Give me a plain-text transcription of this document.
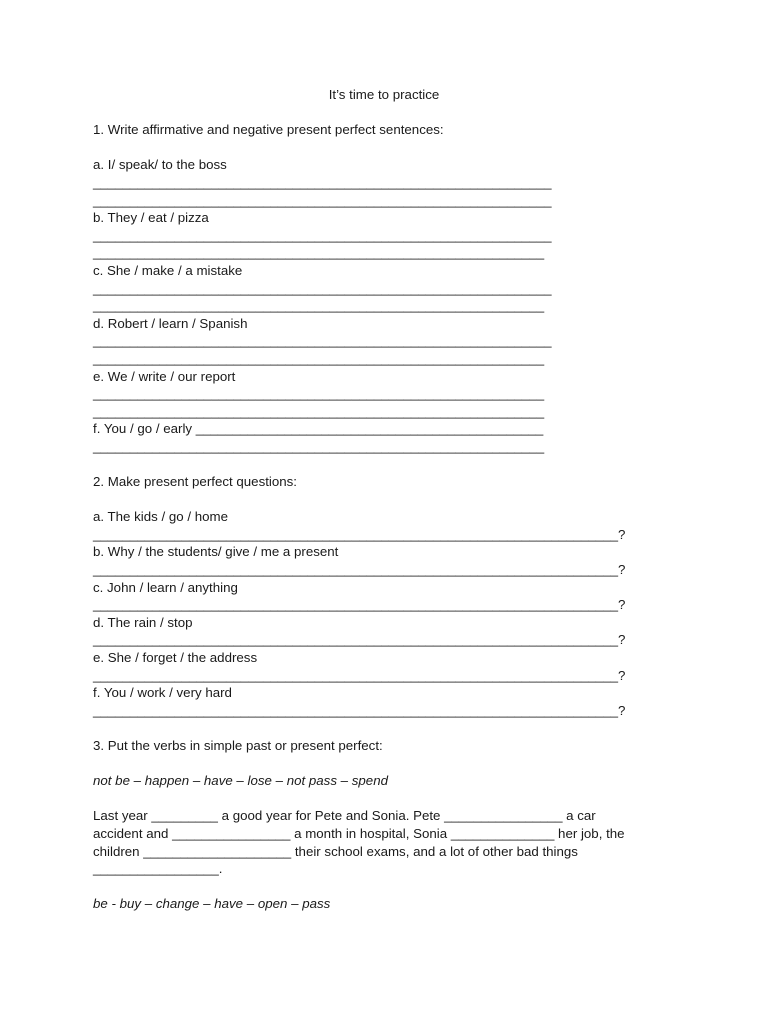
It’s time to practice

1. Write affirmative and negative present perfect sentences:

a. I/ speak/ to the boss

______________________________________________________________

______________________________________________________________

b. They / eat / pizza

______________________________________________________________

_____________________________________________________________

c. She / make / a mistake

______________________________________________________________

_____________________________________________________________

d. Robert / learn / Spanish

______________________________________________________________

_____________________________________________________________

e. We / write / our report

_____________________________________________________________

_____________________________________________________________

f. You / go / early _______________________________________________

_____________________________________________________________

2. Make present perfect questions:

a. The kids / go / home

_______________________________________________________________________?

b. Why / the students/ give / me a present

_______________________________________________________________________?

c. John / learn / anything

_______________________________________________________________________?

d. The rain / stop

_______________________________________________________________________?

e. She / forget / the address

_______________________________________________________________________?

f. You / work / very hard

_______________________________________________________________________?

3. Put the verbs in simple past or present perfect:

not be – happen – have – lose – not pass – spend

Last year _________ a good year for Pete and Sonia. Pete ________________ a car

accident and ________________ a month in hospital, Sonia ______________ her job, the

children ____________________ their school exams, and a lot of other bad things

_________________.

be - buy – change – have – open – pass
